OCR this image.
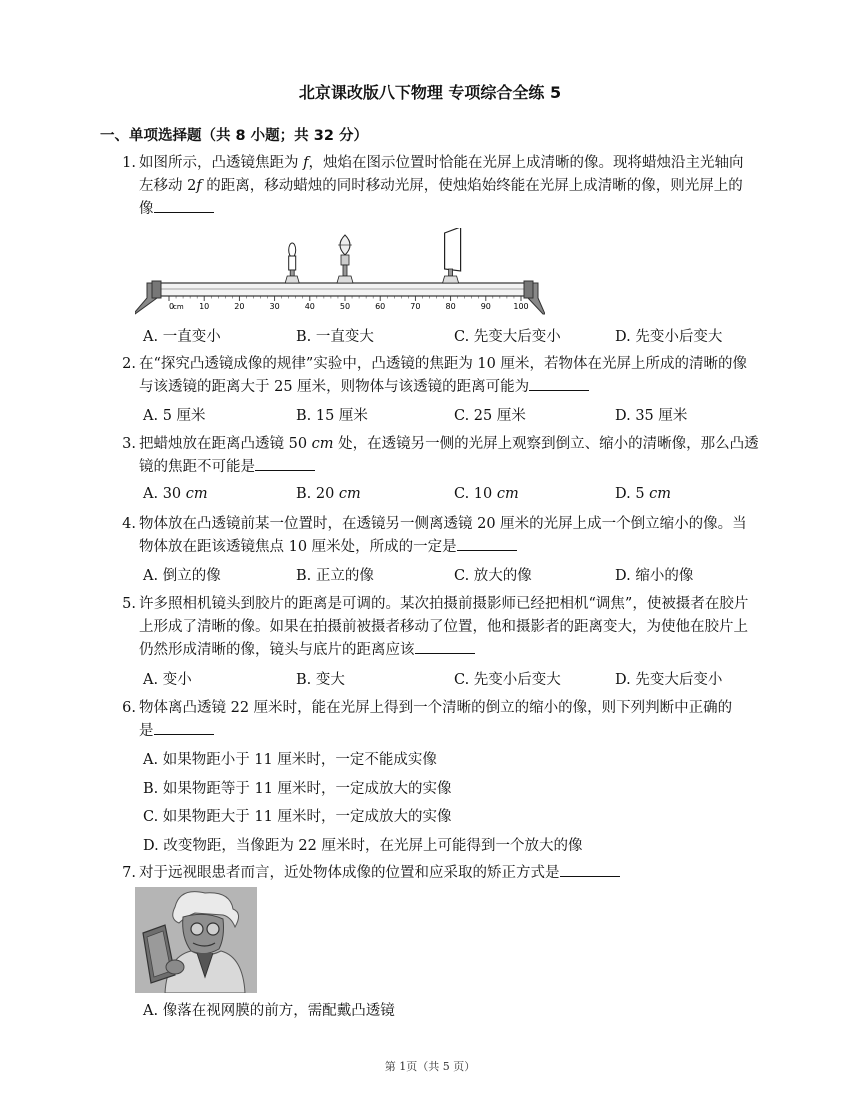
北京课改版八下物理 专项综合全练 5
一、单项选择题（共 8 小题；共 32 分）
1. 如图所示，凸透镜焦距为 𝑓，烛焰在图示位置时恰能在光屏上成清晰的像。现将蜡烛沿主光轴向
左移动 2𝑓 的距离，移动蜡烛的同时移动光屏，使烛焰始终能在光屏上成清晰的像，则光屏上的
像
10	20	30	40	50	60	70	80	90	100
0
cm
A. 一直变小	B. 一直变大	C. 先变大后变小	D. 先变小后变大
2. 在“探究凸透镜成像的规律”实验中，凸透镜的焦距为 10 厘米，若物体在光屏上所成的清晰的像
与该透镜的距离大于 25 厘米，则物体与该透镜的距离可能为
A. 5 厘米	B. 15 厘米	C. 25 厘米	D. 35 厘米
3. 把蜡烛放在距离凸透镜 50 𝑐𝑚 处，在透镜另一侧的光屏上观察到倒立、缩小的清晰像，那么凸透
镜的焦距不可能是
A. 30 𝑐𝑚	B. 20 𝑐𝑚	C. 10 𝑐𝑚	D. 5 𝑐𝑚
4. 物体放在凸透镜前某一位置时，在透镜另一侧离透镜 20 厘米的光屏上成一个倒立缩小的像。当
物体放在距该透镜焦点 10 厘米处，所成的一定是
A. 倒立的像	B. 正立的像	C. 放大的像	D. 缩小的像
5. 许多照相机镜头到胶片的距离是可调的。某次拍摄前摄影师已经把相机“调焦”，使被摄者在胶片
上形成了清晰的像。如果在拍摄前被摄者移动了位置，他和摄影者的距离变大，为使他在胶片上
仍然形成清晰的像，镜头与底片的距离应该
A. 变小	B. 变大	C. 先变小后变大	D. 先变大后变小
6. 物体离凸透镜 22 厘米时，能在光屏上得到一个清晰的倒立的缩小的像，则下列判断中正确的
是
A. 如果物距小于 11 厘米时，一定不能成实像
B. 如果物距等于 11 厘米时，一定成放大的实像
C. 如果物距大于 11 厘米时，一定成放大的实像
D. 改变物距，当像距为 22 厘米时，在光屏上可能得到一个放大的像
7. 对于远视眼患者而言，近处物体成像的位置和应采取的矫正方式是
A. 像落在视网膜的前方，需配戴凸透镜
第 1页（共 5 页）
